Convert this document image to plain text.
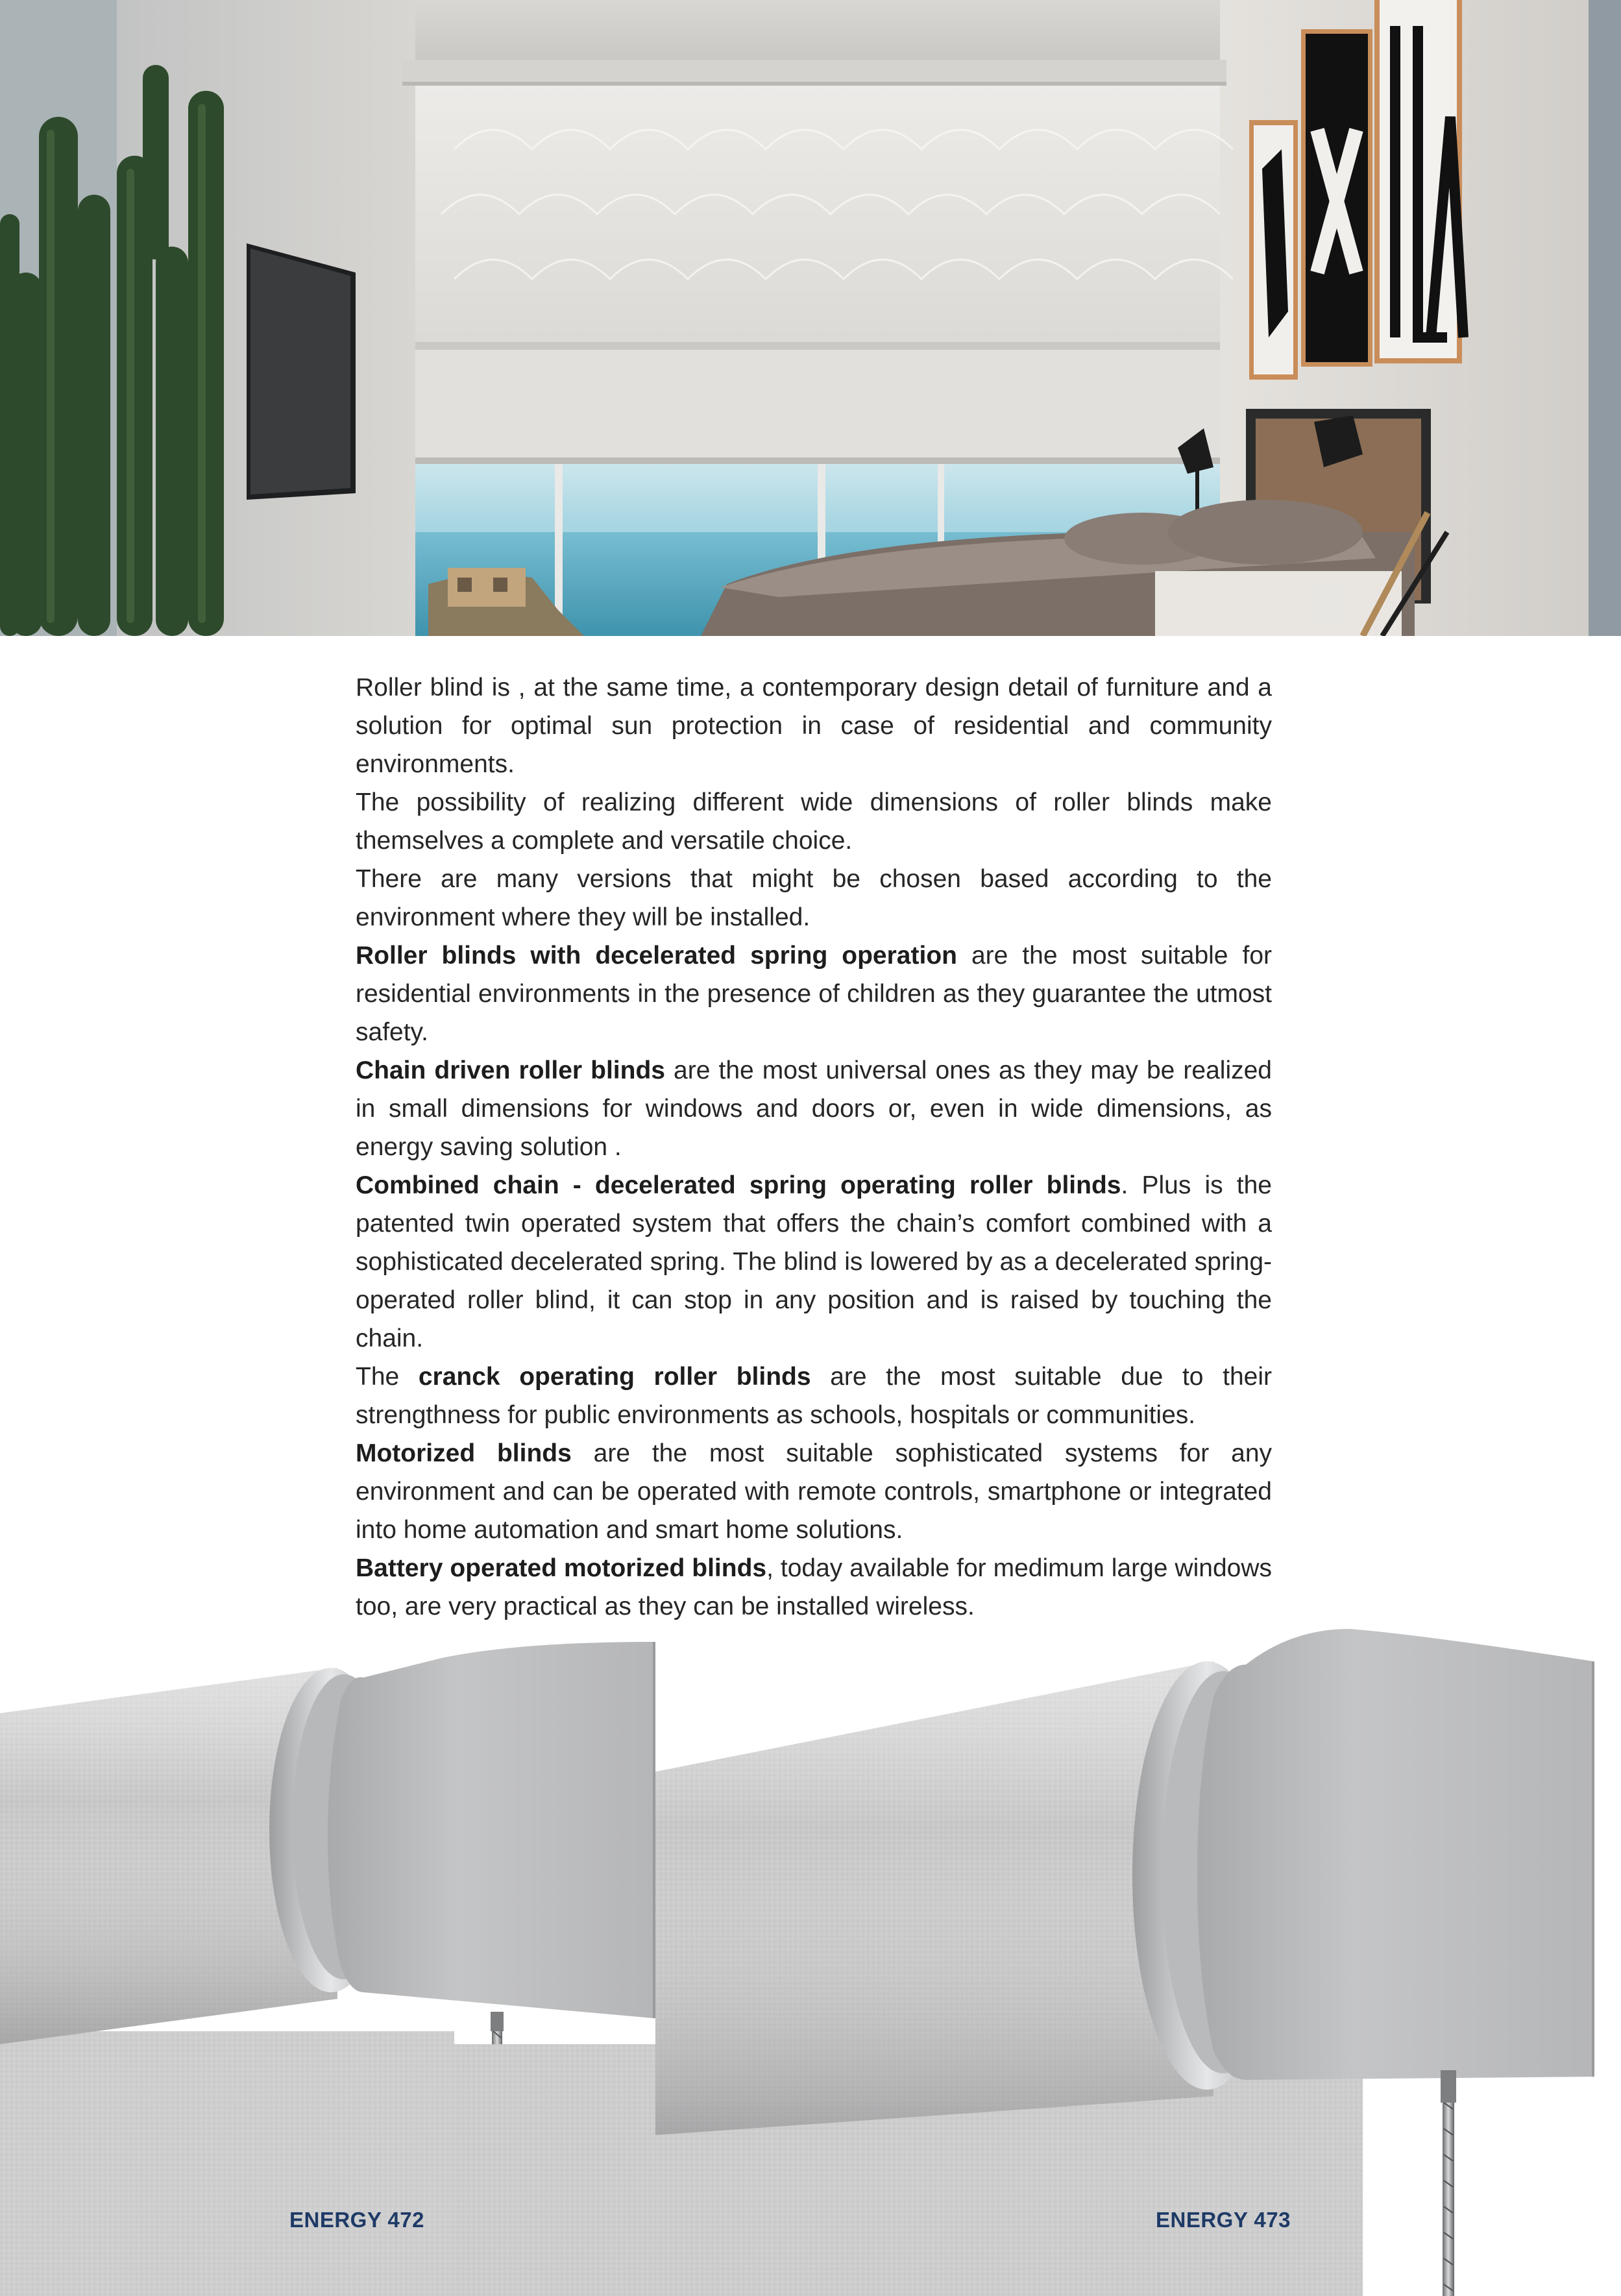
Roller blind is , at the same time, a contemporary design detail of furniture and a solution for optimal sun protection in case of residential and community environments.

The possibility of realizing different wide dimensions of roller blinds make themselves a complete and versatile choice.

There are many versions that might be chosen based according to the environment where they will be installed.

Roller blinds with decelerated spring operation are the most suitable for residential environments in the presence of children as they guarantee the utmost safety.

Chain driven roller blinds are the most universal ones as they may be realized in small dimensions for windows and doors or, even in wide dimensions, as energy saving solution .

Combined chain - decelerated spring operating roller blinds. Plus is the patented twin operated system that offers the chain’s comfort combined with a sophisticated decelerated spring. The blind is lowered by as a decelerated spring-operated roller blind, it can stop in any position and is raised by touching the chain.

The cranck operating roller blinds are the most suitable due to their strengthness for public environments as schools, hospitals or communities.

Motorized blinds are the most suitable sophisticated systems for any environment and can be operated with remote controls, smartphone or integrated into home automation and smart home solutions.

Battery operated motorized blinds, today available for medimum large windows too, are very practical as they can be installed wireless.

ENERGY 472	ENERGY 473
